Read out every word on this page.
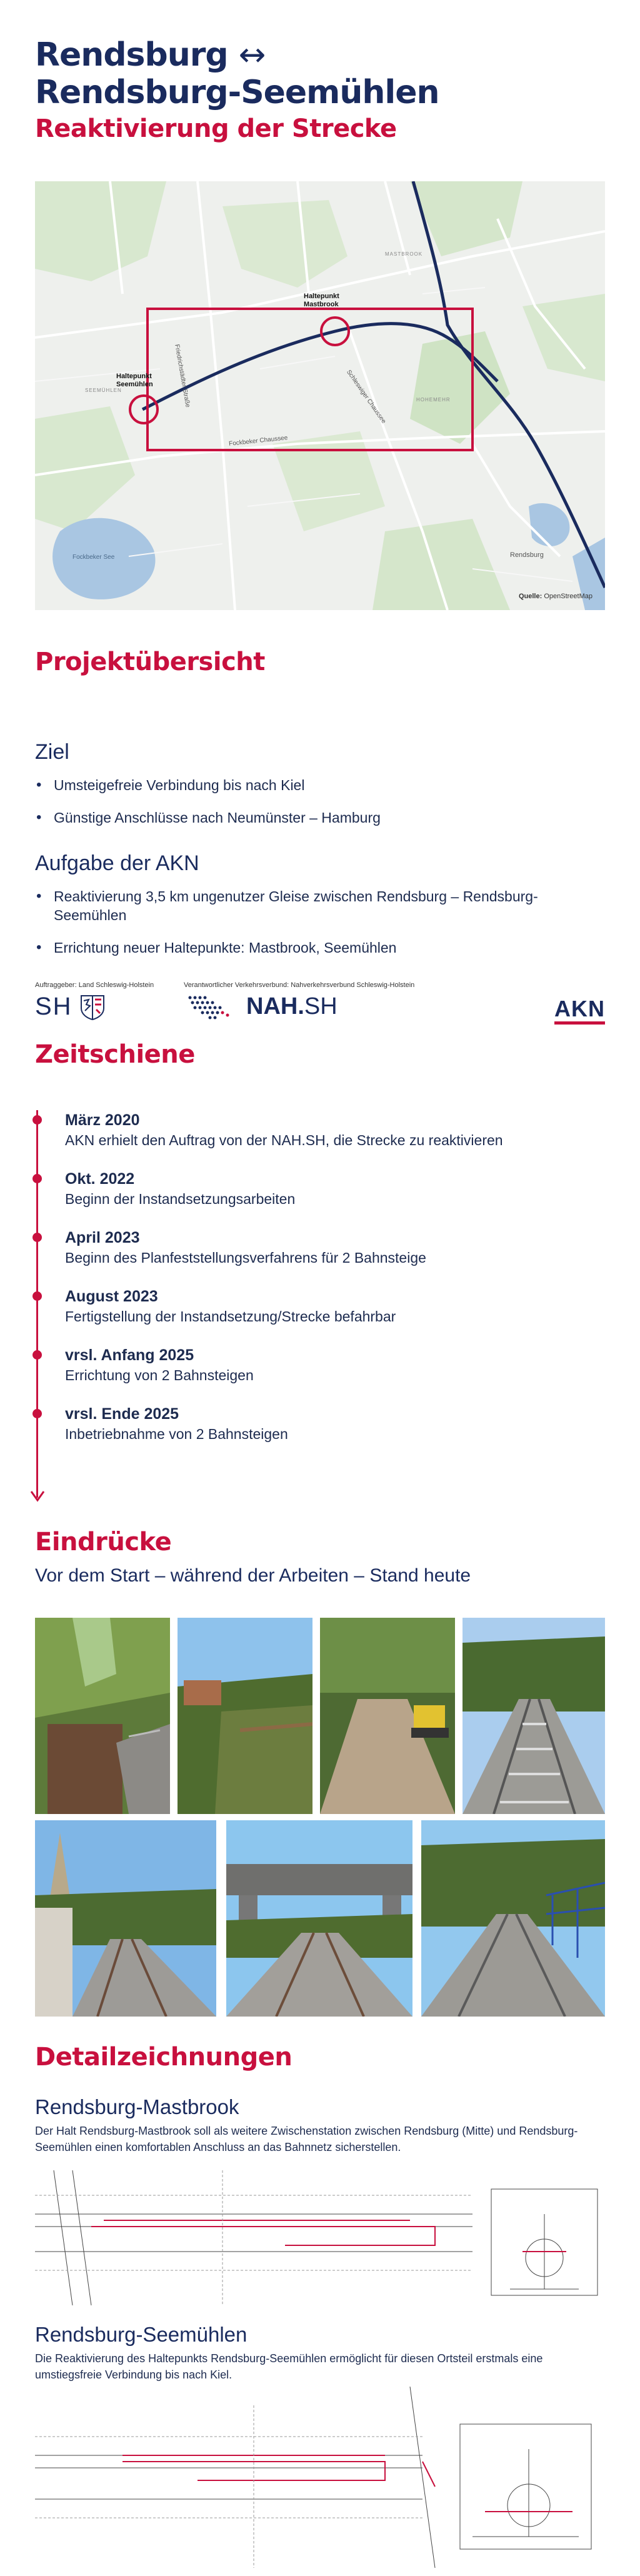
Rendsburg ↔
Rendsburg-Seemühlen
Reaktivierung der Strecke
Haltepunkt
Mastbrook
Haltepunkt
Seemühlen	Friedrichstädter Straße	Schleswiger Chaussee
Fockbeker Chaussee
Fockbeker See	Rendsburg
MASTBROOK
HOHEMEHR
SEEMÜHLEN
Quelle: OpenStreetMap
Projektübersicht
Ziel
• Umsteigefreie Verbindung bis nach Kiel
• Günstige Anschlüsse nach Neumünster – Hamburg
Aufgabe der AKN
• Reaktivierung 3,5 km ungenutzer Gleise zwischen Rendsburg – Rendsburg-Seemühlen
• Errichtung neuer Haltepunkte: Mastbrook, Seemühlen
Auftraggeber: Land Schleswig-Holstein
SH
Verantwortlicher Verkehrsverbund: Nahverkehrsverbund Schleswig-Holstein
NAH.SH	AKN
Zeitschiene
März 2020
AKN erhielt den Auftrag von der NAH.SH, die Strecke zu reaktivieren
Okt. 2022
Beginn der Instandsetzungsarbeiten
April 2023
Beginn des Planfeststellungsverfahrens für 2 Bahnsteige
August 2023
Fertigstellung der Instandsetzung/Strecke befahrbar
vrsl. Anfang 2025
Errichtung von 2 Bahnsteigen
vrsl. Ende 2025
Inbetriebnahme von 2 Bahnsteigen
Eindrücke
Vor dem Start – während der Arbeiten – Stand heute
Detailzeichnungen
Rendsburg-Mastbrook
Der Halt Rendsburg-Mastbrook soll als weitere Zwischenstation zwischen Rendsburg (Mitte) und Rendsburg-Seemühlen einen komfortablen Anschluss an das Bahnnetz sicherstellen.
Rendsburg-Seemühlen
Die Reaktivierung des Haltepunkts Rendsburg-Seemühlen ermöglicht für diesen Ortsteil erstmals eine umstiegsfreie Verbindung bis nach Kiel.
